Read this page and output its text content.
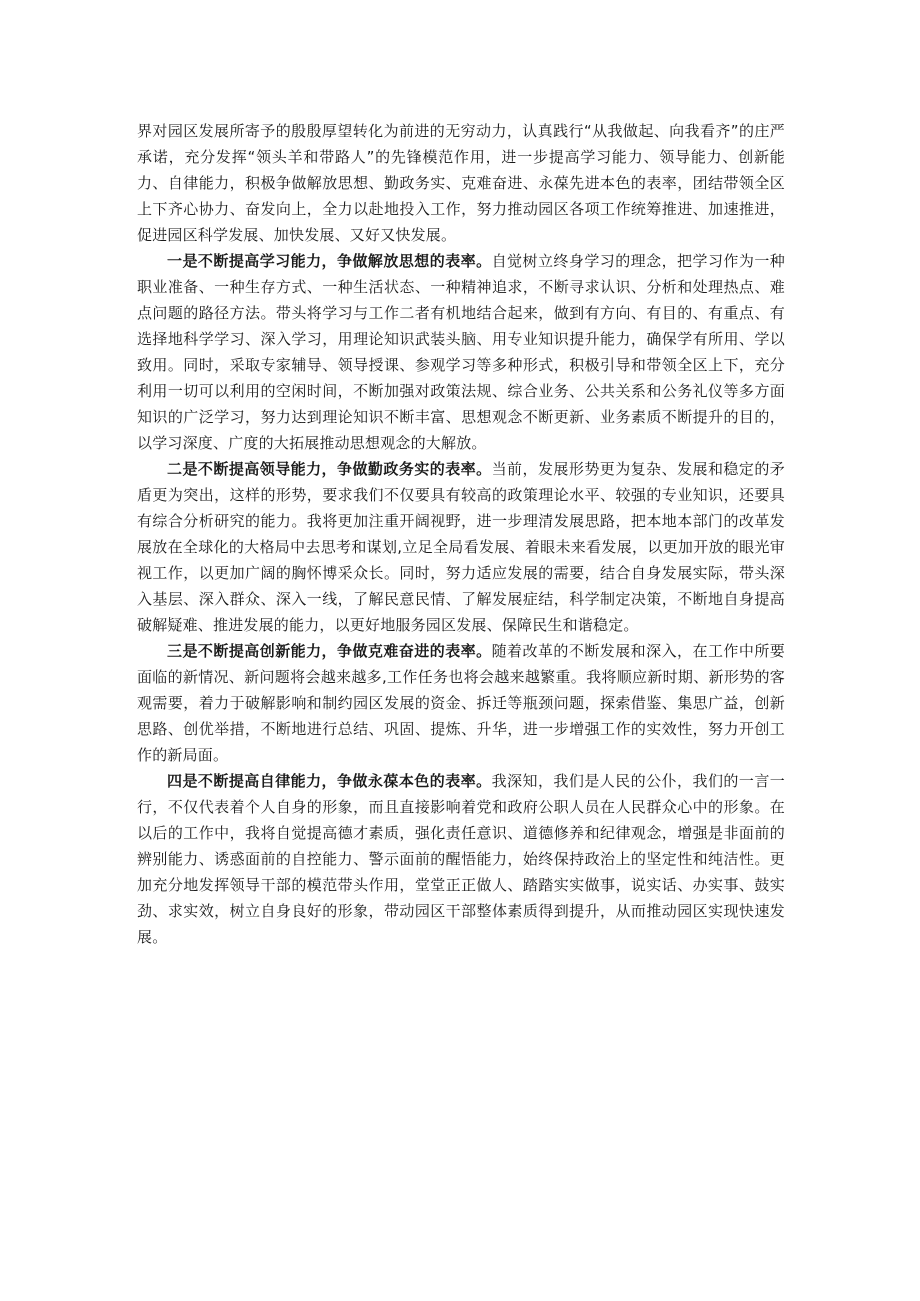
界对园区发展所寄予的殷殷厚望转化为前进的无穷动力，认真践行“从我做起、向我看齐”的庄严承诺，充分发挥“领头羊和带路人”的先锋模范作用，进一步提高学习能力、领导能力、创新能力、自律能力，积极争做解放思想、勤政务实、克难奋进、永葆先进本色的表率，团结带领全区上下齐心协力、奋发向上，全力以赴地投入工作，努力推动园区各项工作统筹推进、加速推进，促进园区科学发展、加快发展、又好又快发展。

一是不断提高学习能力，争做解放思想的表率。自觉树立终身学习的理念，把学习作为一种职业准备、一种生存方式、一种生活状态、一种精神追求，不断寻求认识、分析和处理热点、难点问题的路径方法。带头将学习与工作二者有机地结合起来，做到有方向、有目的、有重点、有选择地科学学习、深入学习，用理论知识武装头脑、用专业知识提升能力，确保学有所用、学以致用。同时，采取专家辅导、领导授课、参观学习等多种形式，积极引导和带领全区上下，充分利用一切可以利用的空闲时间，不断加强对政策法规、综合业务、公共关系和公务礼仪等多方面知识的广泛学习，努力达到理论知识不断丰富、思想观念不断更新、业务素质不断提升的目的，以学习深度、广度的大拓展推动思想观念的大解放。

二是不断提高领导能力，争做勤政务实的表率。当前，发展形势更为复杂、发展和稳定的矛盾更为突出，这样的形势，要求我们不仅要具有较高的政策理论水平、较强的专业知识，还要具有综合分析研究的能力。我将更加注重开阔视野，进一步理清发展思路，把本地本部门的改革发展放在全球化的大格局中去思考和谋划,立足全局看发展、着眼未来看发展，以更加开放的眼光审视工作，以更加广阔的胸怀博采众长。同时，努力适应发展的需要，结合自身发展实际，带头深入基层、深入群众、深入一线，了解民意民情、了解发展症结，科学制定决策，不断地自身提高破解疑难、推进发展的能力，以更好地服务园区发展、保障民生和谐稳定。

三是不断提高创新能力，争做克难奋进的表率。随着改革的不断发展和深入，在工作中所要面临的新情况、新问题将会越来越多,工作任务也将会越来越繁重。我将顺应新时期、新形势的客观需要，着力于破解影响和制约园区发展的资金、拆迁等瓶颈问题，探索借鉴、集思广益，创新思路、创优举措，不断地进行总结、巩固、提炼、升华，进一步增强工作的实效性，努力开创工作的新局面。

四是不断提高自律能力，争做永葆本色的表率。我深知，我们是人民的公仆，我们的一言一行，不仅代表着个人自身的形象，而且直接影响着党和政府公职人员在人民群众心中的形象。在以后的工作中，我将自觉提高德才素质，强化责任意识、道德修养和纪律观念，增强是非面前的辨别能力、诱惑面前的自控能力、警示面前的醒悟能力，始终保持政治上的坚定性和纯洁性。更加充分地发挥领导干部的模范带头作用，堂堂正正做人、踏踏实实做事，说实话、办实事、鼓实劲、求实效，树立自身良好的形象，带动园区干部整体素质得到提升，从而推动园区实现快速发展。
